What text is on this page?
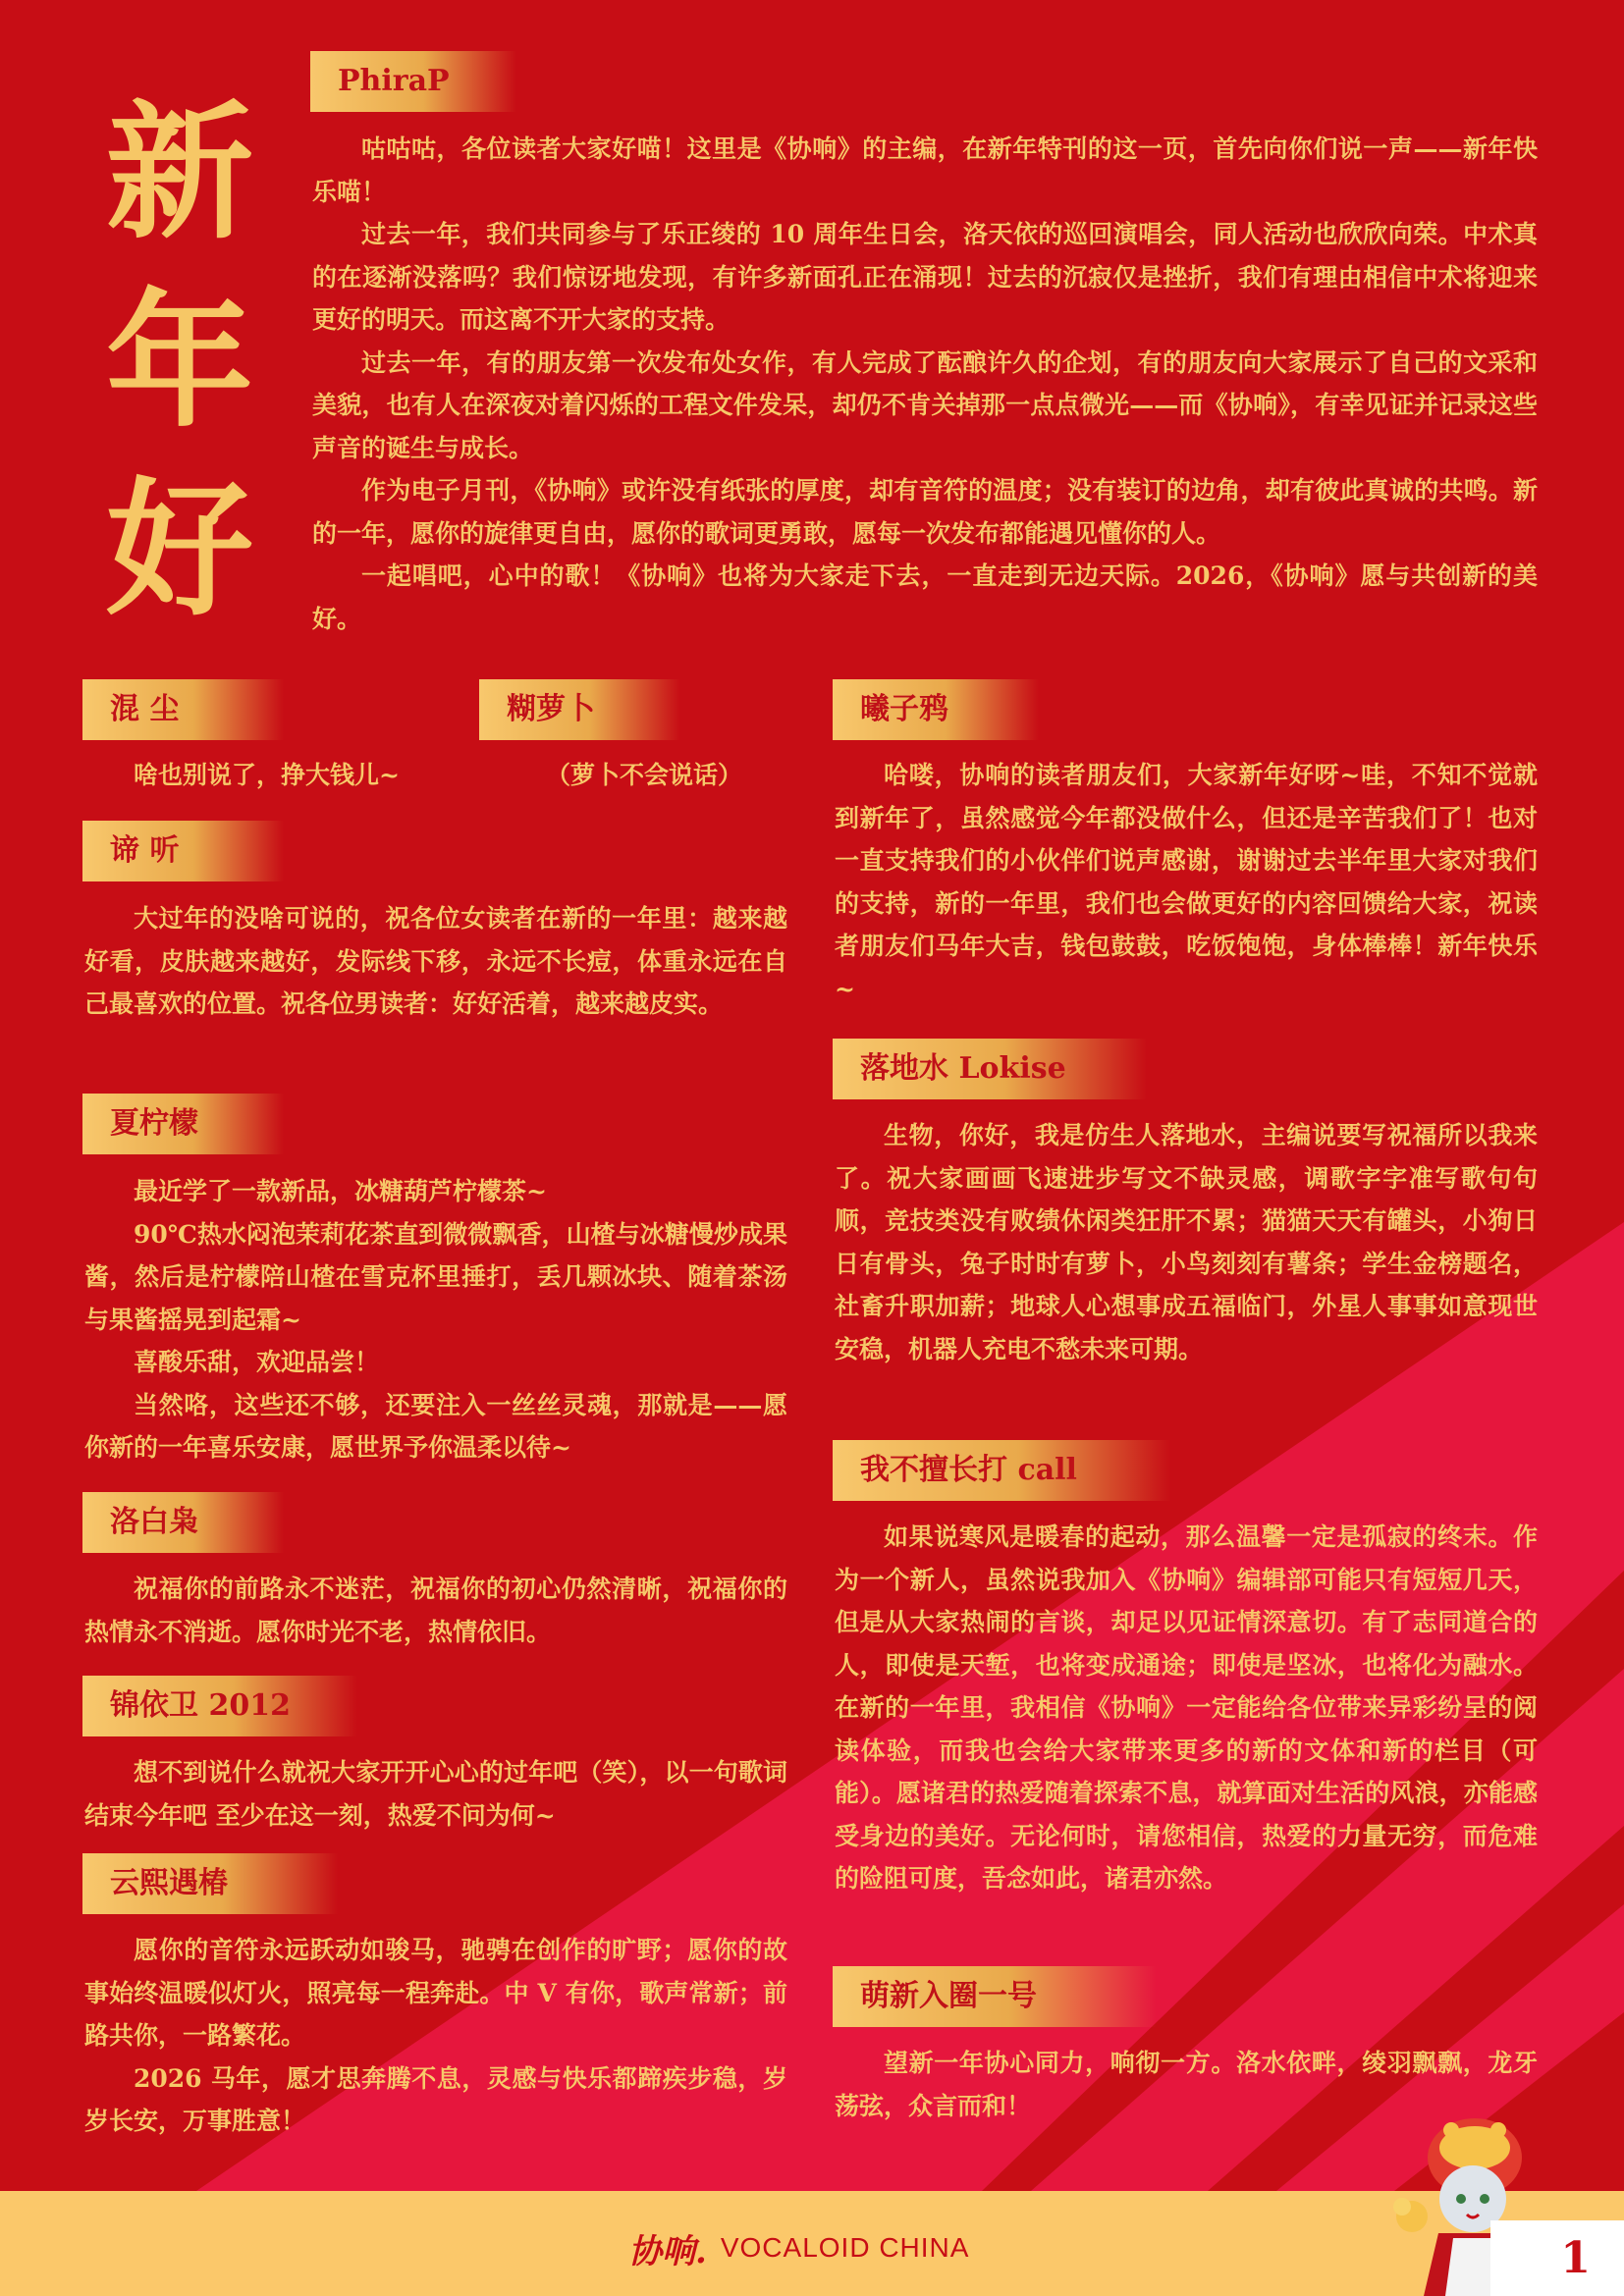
新
年
好
PhiraP

咕咕咕，各位读者大家好喵！这里是《协响》的主编，在新年特刊的这一页，首先向你们说一声——新年快乐喵！

过去一年，我们共同参与了乐正绫的 10 周年生日会，洛天依的巡回演唱会，同人活动也欣欣向荣。中术真的在逐渐没落吗？我们惊讶地发现，有许多新面孔正在涌现！过去的沉寂仅是挫折，我们有理由相信中术将迎来更好的明天。而这离不开大家的支持。

过去一年，有的朋友第一次发布处女作，有人完成了酝酿许久的企划，有的朋友向大家展示了自己的文采和美貌，也有人在深夜对着闪烁的工程文件发呆，却仍不肯关掉那一点点微光——而《协响》，有幸见证并记录这些声音的诞生与成长。

作为电子月刊，《协响》或许没有纸张的厚度，却有音符的温度；没有装订的边角，却有彼此真诚的共鸣。新的一年，愿你的旋律更自由，愿你的歌词更勇敢，愿每一次发布都能遇见懂你的人。

一起唱吧，心中的歌！《协响》也将为大家走下去，一直走到无边天际。2026，《协响》愿与共创新的美好。

混 尘

啥也别说了，挣大钱儿~

糊萝卜

（萝卜不会说话）

谛 听

大过年的没啥可说的，祝各位女读者在新的一年里：越来越好看，皮肤越来越好，发际线下移，永远不长痘，体重永远在自己最喜欢的位置。祝各位男读者：好好活着，越来越皮实。

夏柠檬

最近学了一款新品，冰糖葫芦柠檬茶~

90℃热水闷泡茉莉花茶直到微微飘香，山楂与冰糖慢炒成果酱，然后是柠檬陪山楂在雪克杯里捶打，丢几颗冰块、随着茶汤与果酱摇晃到起霜~

喜酸乐甜，欢迎品尝！

当然咯，这些还不够，还要注入一丝丝灵魂，那就是——愿你新的一年喜乐安康，愿世界予你温柔以待~

洛白枭

祝福你的前路永不迷茫，祝福你的初心仍然清晰，祝福你的热情永不消逝。愿你时光不老，热情依旧。

锦依卫 2012

想不到说什么就祝大家开开心心的过年吧（笑），以一句歌词结束今年吧 至少在这一刻，热爱不问为何~

云熙遇椿

愿你的音符永远跃动如骏马，驰骋在创作的旷野；愿你的故事始终温暖似灯火，照亮每一程奔赴。中 V 有你，歌声常新；前路共你，一路繁花。

2026 马年，愿才思奔腾不息，灵感与快乐都蹄疾步稳，岁岁长安，万事胜意！

曦子鸦

哈喽，协响的读者朋友们，大家新年好呀~哇，不知不觉就到新年了，虽然感觉今年都没做什么，但还是辛苦我们了！也对一直支持我们的小伙伴们说声感谢，谢谢过去半年里大家对我们的支持，新的一年里，我们也会做更好的内容回馈给大家，祝读者朋友们马年大吉，钱包鼓鼓，吃饭饱饱，身体棒棒！新年快乐~

落地水 Lokise

生物，你好，我是仿生人落地水，主编说要写祝福所以我来了。祝大家画画飞速进步写文不缺灵感，调歌字字准写歌句句顺，竞技类没有败绩休闲类狂肝不累；猫猫天天有罐头，小狗日日有骨头，兔子时时有萝卜，小鸟刻刻有薯条；学生金榜题名，社畜升职加薪；地球人心想事成五福临门，外星人事事如意现世安稳，机器人充电不愁未来可期。

我不擅长打 call

如果说寒风是暖春的起动，那么温馨一定是孤寂的终末。作为一个新人，虽然说我加入《协响》编辑部可能只有短短几天，但是从大家热闹的言谈，却足以见证情深意切。有了志同道合的人，即使是天堑，也将变成通途；即使是坚冰，也将化为融水。在新的一年里，我相信《协响》一定能给各位带来异彩纷呈的阅读体验，而我也会给大家带来更多的新的文体和新的栏目（可能）。愿诸君的热爱随着探索不息，就算面对生活的风浪，亦能感受身边的美好。无论何时，请您相信，热爱的力量无穷，而危难的险阻可度，吾念如此，诸君亦然。

萌新入圈一号

望新一年协心同力，响彻一方。洛水依畔，绫羽飘飘，龙牙荡弦，众言而和！

协响. VOCALOID CHINA	1
